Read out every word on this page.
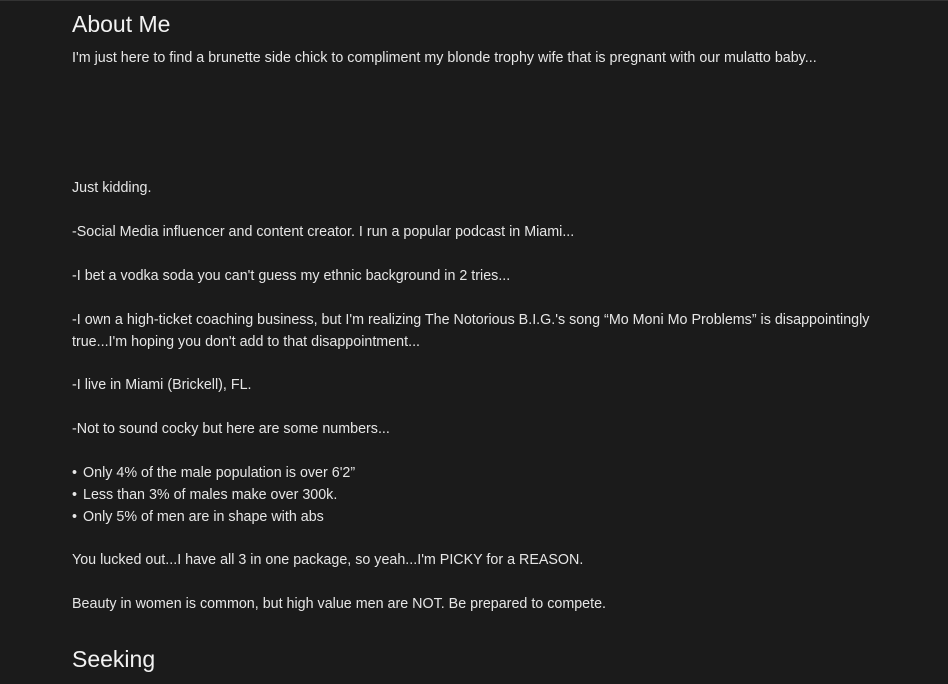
About Me

I'm just here to find a brunette side chick to compliment my blonde trophy wife that is pregnant with our mulatto baby...

Just kidding.

-Social Media influencer and content creator. I run a popular podcast in Miami...

-I bet a vodka soda you can't guess my ethnic background in 2 tries...

-I own a high-ticket coaching business, but I'm realizing The Notorious B.I.G.'s song “Mo Moni Mo Problems” is disappointingly true...I'm hoping you don't add to that disappointment...

-I live in Miami (Brickell), FL.

-Not to sound cocky but here are some numbers...

• Only 4% of the male population is over 6'2”
• Less than 3% of males make over 300k.
• Only 5% of men are in shape with abs

You lucked out...I have all 3 in one package, so yeah...I'm PICKY for a REASON.

Beauty in women is common, but high value men are NOT. Be prepared to compete.

Seeking
